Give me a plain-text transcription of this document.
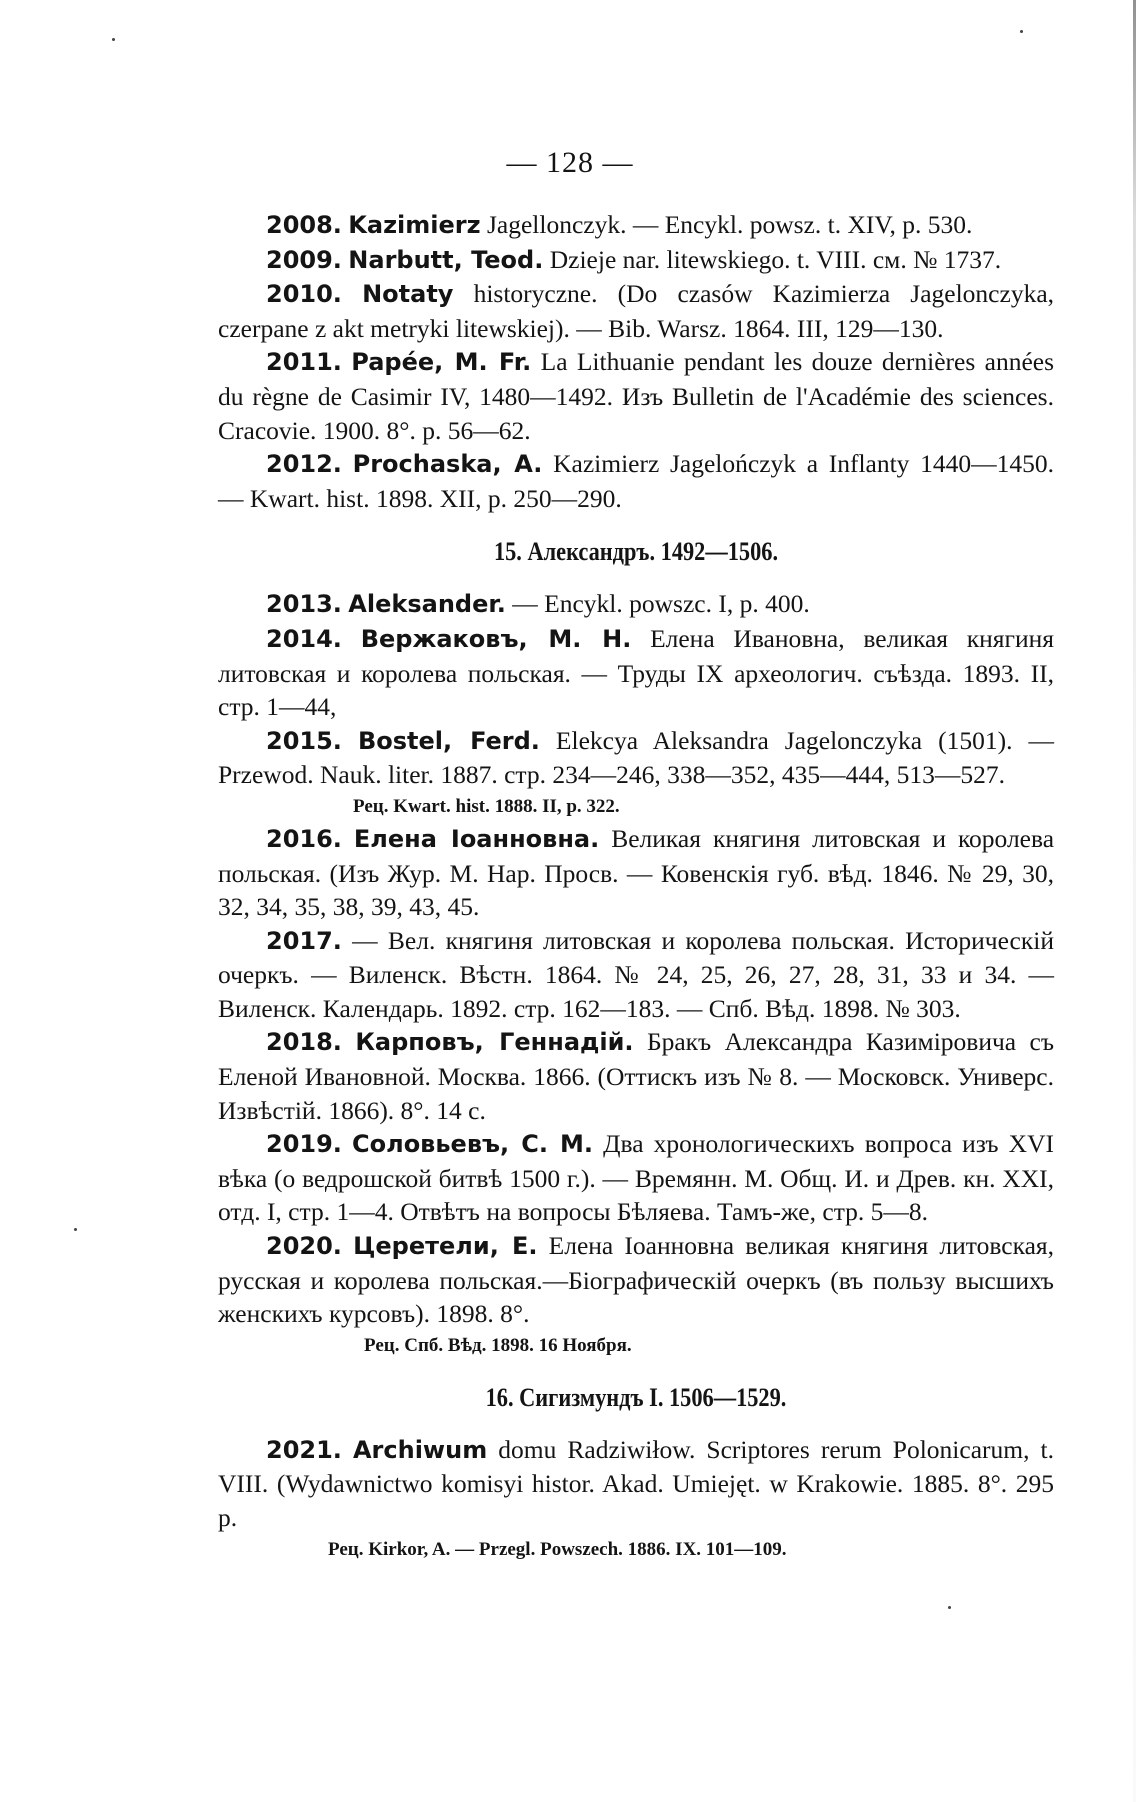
— 128 —

2008. Kazimierz Jagellonczyk. — Encykl. powsz. t. XIV, p. 530.

2009. Narbutt, Teod. Dzieje nar. litewskiego. t. VIII. см. № 1737.

2010. Notaty historyczne. (Do czasów Kazimierza Jagelonczyka, czerpane z akt metryki litewskiej). — Bib. Warsz. 1864. III, 129—130.

2011. Papée, M. Fr. La Lithuanie pendant les douze dernières années du règne de Casimir IV, 1480—1492. Изъ Bulletin de l'Académie des sciences. Cracovie. 1900. 8°. p. 56—62.

2012. Prochaska, A. Kazimierz Jagelończyk a Inflanty 1440—1450. — Kwart. hist. 1898. XII, p. 250—290.

15. Александръ. 1492—1506.

2013. Aleksander. — Encykl. powszc. I, p. 400.

2014. Вержаковъ, М. Н. Елена Ивановна, великая княгиня литовская и королева польская. — Труды IX археологич. съѣзда. 1893. II, стр. 1—44,

2015. Bostel, Ferd. Elekcya Aleksandra Jagelonczyka (1501). — Przewod. Nauk. liter. 1887. стр. 234—246, 338—352, 435—444, 513—527.

Рец. Kwart. hist. 1888. II, p. 322.

2016. Елена Іоанновна. Великая княгиня литовская и королева польская. (Изъ Жур. М. Нар. Просв. — Ковенскія губ. вѣд. 1846. № 29, 30, 32, 34, 35, 38, 39, 43, 45.

2017. — Вел. княгиня литовская и королева польская. Историческій очеркъ. — Виленск. Вѣстн. 1864. № 24, 25, 26, 27, 28, 31, 33 и 34. — Виленск. Календарь. 1892. стр. 162—183. — Спб. Вѣд. 1898. № 303.

2018. Карповъ, Геннадій. Бракъ Александра Казиміровича съ Еленой Ивановной. Москва. 1866. (Оттискъ изъ № 8. — Московск. Универс. Извѣстій. 1866). 8°. 14 с.

2019. Соловьевъ, С. М. Два хронологическихъ вопроса изъ XVI вѣка (о ведрошской битвѣ 1500 г.). — Времянн. М. Общ. И. и Древ. кн. XXI, отд. I, стр. 1—4. Отвѣтъ на вопросы Бѣляева. Тамъ-же, стр. 5—8.

2020. Церетели, Е. Елена Іоанновна великая княгиня литовская, русская и королева польская.—Біографическій очеркъ (въ пользу высшихъ женскихъ курсовъ). 1898. 8°.

Рец. Спб. Вѣд. 1898. 16 Ноября.

16. Сигизмундъ I. 1506—1529.

2021. Archiwum domu Radziwiłow. Scriptores rerum Polonicarum, t. VIII. (Wydawnictwo komisyi histor. Akad. Umiejęt. w Krakowie. 1885. 8°. 295 p.

Рец. Kirkor, A. — Przegl. Powszech. 1886. IX. 101—109.
